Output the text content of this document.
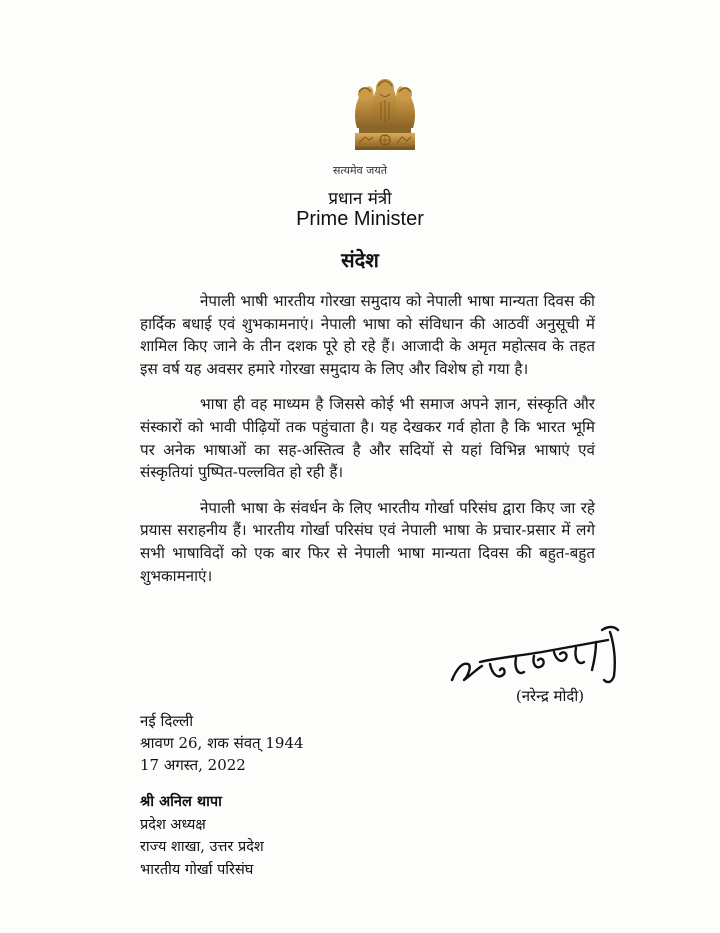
सत्यमेव जयते
प्रधान मंत्री
Prime Minister
संदेश

नेपाली भाषी भारतीय गोरखा समुदाय को नेपाली भाषा मान्यता दिवस की हार्दिक बधाई एवं शुभकामनाएं। नेपाली भाषा को संविधान की आठवीं अनुसूची में शामिल किए जाने के तीन दशक पूरे हो रहे हैं। आजादी के अमृत महोत्सव के तहत इस वर्ष यह अवसर हमारे गोरखा समुदाय के लिए और विशेष हो गया है।

भाषा ही वह माध्यम है जिससे कोई भी समाज अपने ज्ञान, संस्कृति और संस्कारों को भावी पीढ़ियों तक पहुंचाता है। यह देखकर गर्व होता है कि भारत भूमि पर अनेक भाषाओं का सह-अस्तित्व है और सदियों से यहां विभिन्न भाषाएं एवं संस्कृतियां पुष्पित-पल्लवित हो रही हैं।

नेपाली भाषा के संवर्धन के लिए भारतीय गोर्खा परिसंघ द्वारा किए जा रहे प्रयास सराहनीय हैं। भारतीय गोर्खा परिसंघ एवं नेपाली भाषा के प्रचार-प्रसार में लगे सभी भाषाविदों को एक बार फिर से नेपाली भाषा मान्यता दिवस की बहुत-बहुत शुभकामनाएं।

(नरेन्द्र मोदी)
नई दिल्ली
श्रावण 26, शक संवत् 1944
17 अगस्त, 2022
श्री अनिल थापा
प्रदेश अध्यक्ष
राज्य शाखा, उत्तर प्रदेश
भारतीय गोर्खा परिसंघ
